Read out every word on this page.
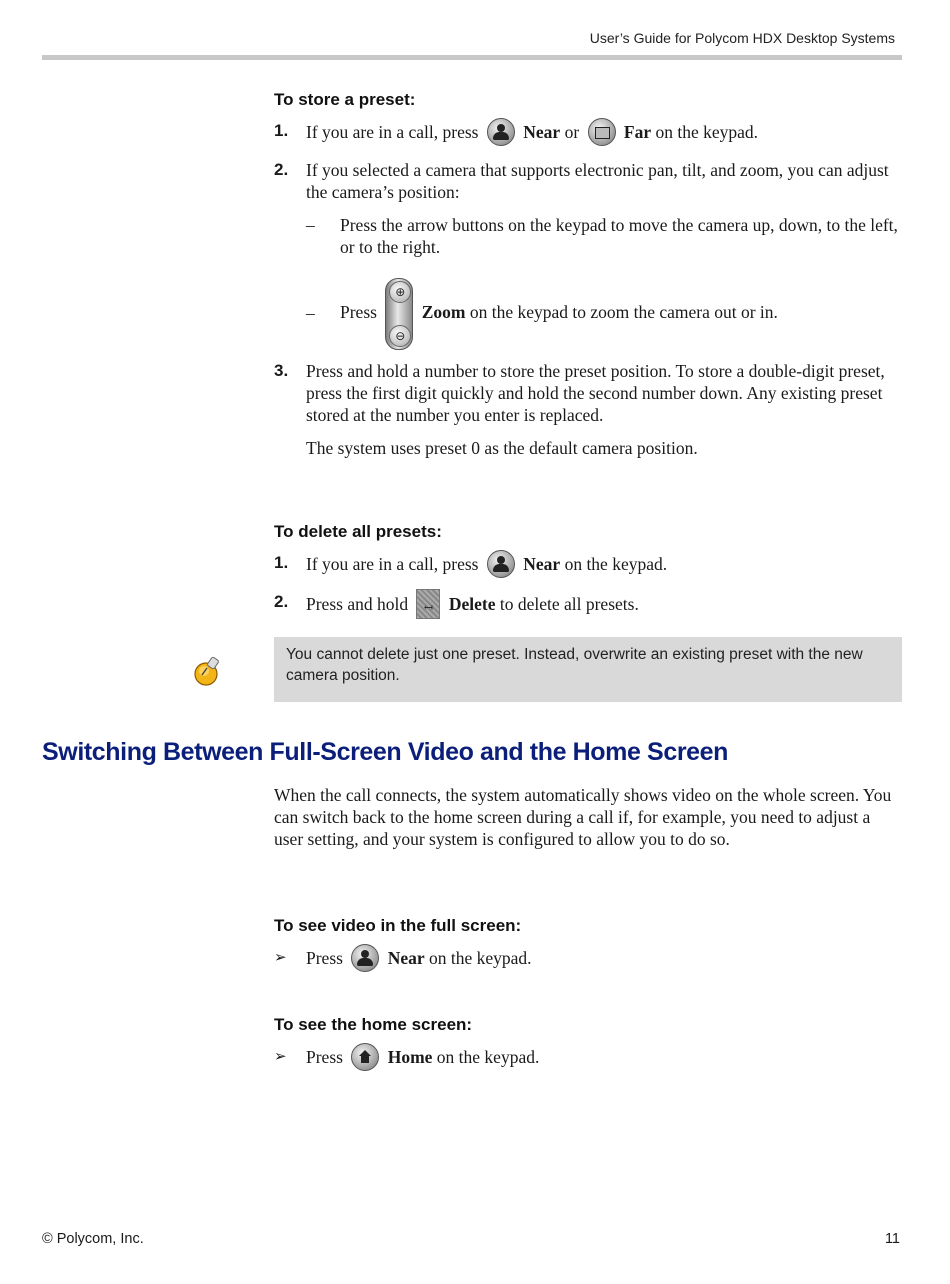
User’s Guide for Polycom HDX Desktop Systems

To store a preset:

1. If you are in a call, press	Near or	Far on the keypad.
2. If you selected a camera that supports electronic pan, tilt, and zoom, you can adjust the camera’s position:
– Press the arrow buttons on the keypad to move the camera up, down, to the left, or to the right.
– Press
⊕
⊖
Zoom on the keypad to zoom the camera out or in.
3. Press and hold a number to store the preset position. To store a double-digit preset, press the first digit quickly and hold the second number down. Any existing preset stored at the number you enter is replaced.
The system uses preset 0 as the default camera position.

To delete all presets:

1. If you are in a call, press	Near on the keypad.
2. Press and hold	↤ Delete to delete all presets.
You cannot delete just one preset. Instead, overwrite an existing preset with the new camera position.
Switching Between Full-Screen Video and the Home Screen
When the call connects, the system automatically shows video on the whole screen. You can switch back to the home screen during a call if, for example, you need to adjust a user setting, and your system is configured to allow you to do so.

To see video in the full screen:

➢ Press	Near on the keypad.

To see the home screen:

➢ Press	Home on the keypad.
© Polycom, Inc.	11
